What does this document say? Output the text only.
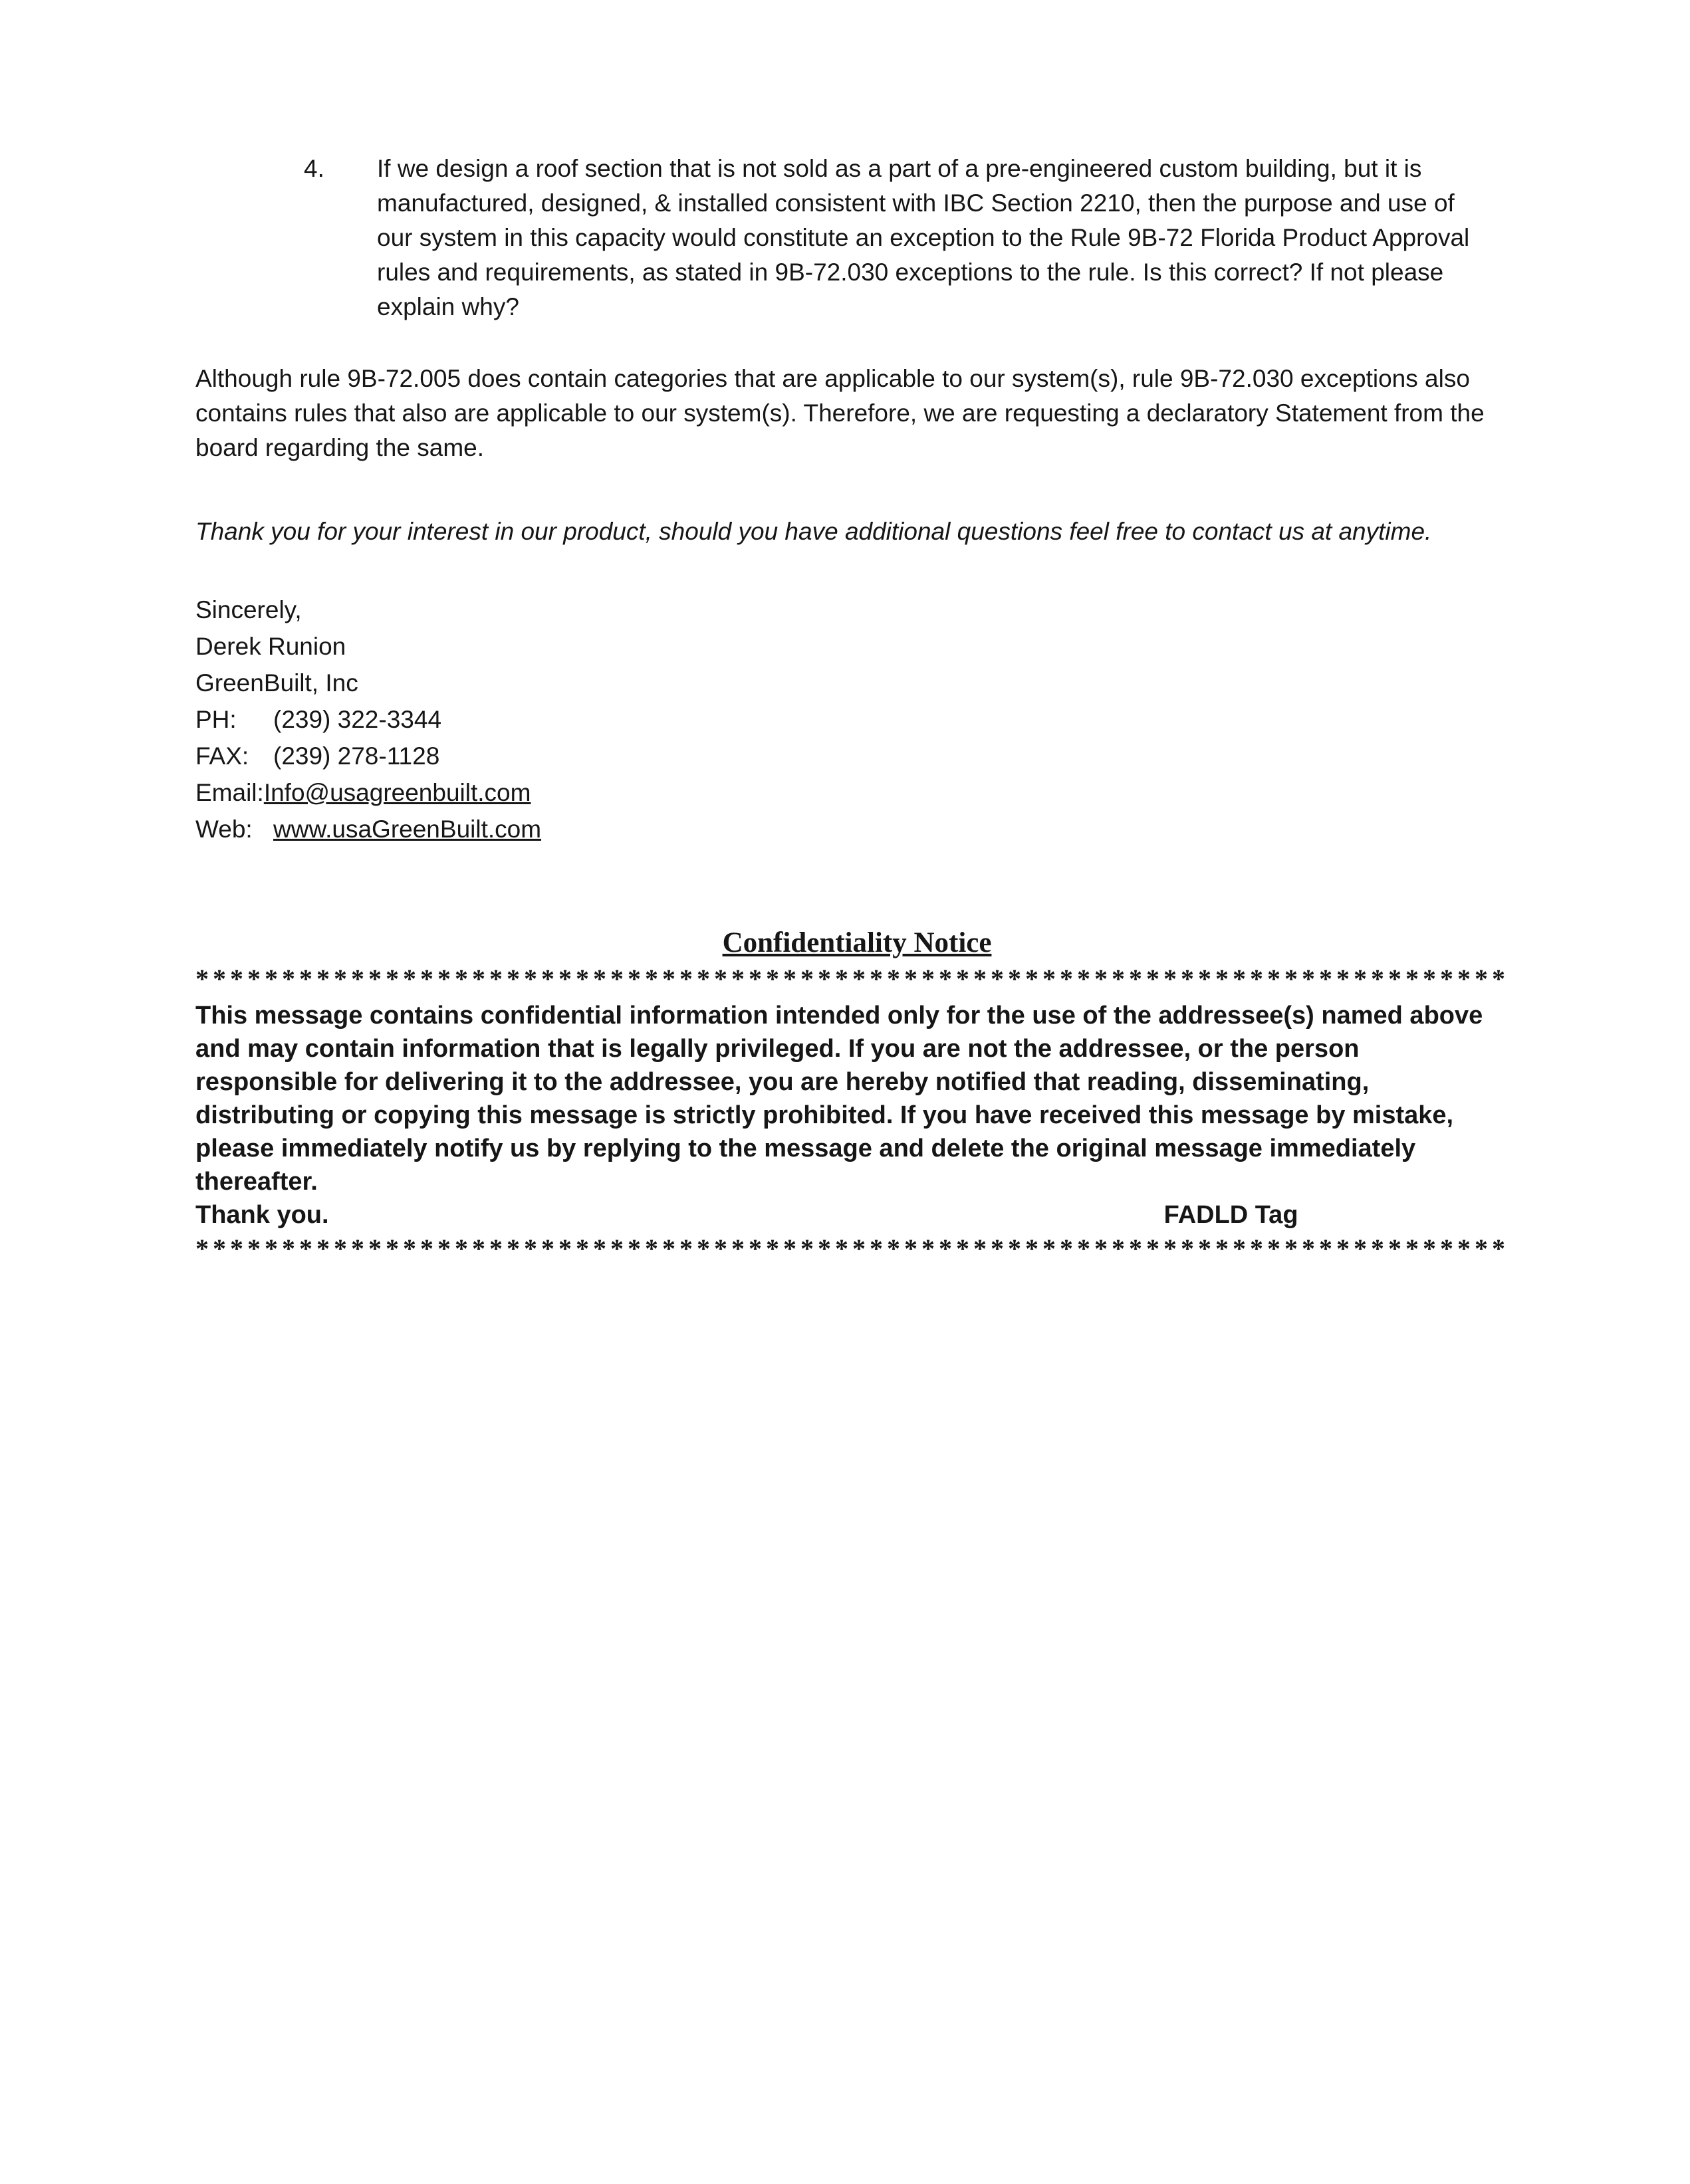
4.	If we design a roof section that is not sold as a part of a pre-engineered custom building, but it is manufactured, designed, & installed consistent with IBC Section 2210, then the purpose and use of our system in this capacity would constitute an exception to the Rule 9B-72 Florida Product Approval rules and requirements, as stated in 9B-72.030 exceptions to the rule. Is this correct? If not please explain why?
Although rule 9B-72.005 does contain categories that are applicable to our system(s), rule 9B-72.030 exceptions also contains rules that also are applicable to our system(s). Therefore, we are requesting a declaratory Statement from the board regarding the same.
Thank you for your interest in our product, should you have additional questions feel free to contact us at anytime.
Sincerely,
Derek Runion
GreenBuilt, Inc
PH: (239) 322-3344
FAX: (239) 278-1128
Email:Info@usagreenbuilt.com
Web: www.usaGreenBuilt.com
Confidentiality Notice
****************************************************************************
This message contains confidential information intended only for the use of the addressee(s) named above and may contain information that is legally privileged. If you are not the addressee, or the person responsible for delivering it to the addressee, you are hereby notified that reading, disseminating, distributing or copying this message is strictly prohibited. If you have received this message by mistake, please immediately notify us by replying to the message and delete the original message immediately thereafter.
Thank you.	FADLD Tag
****************************************************************************
